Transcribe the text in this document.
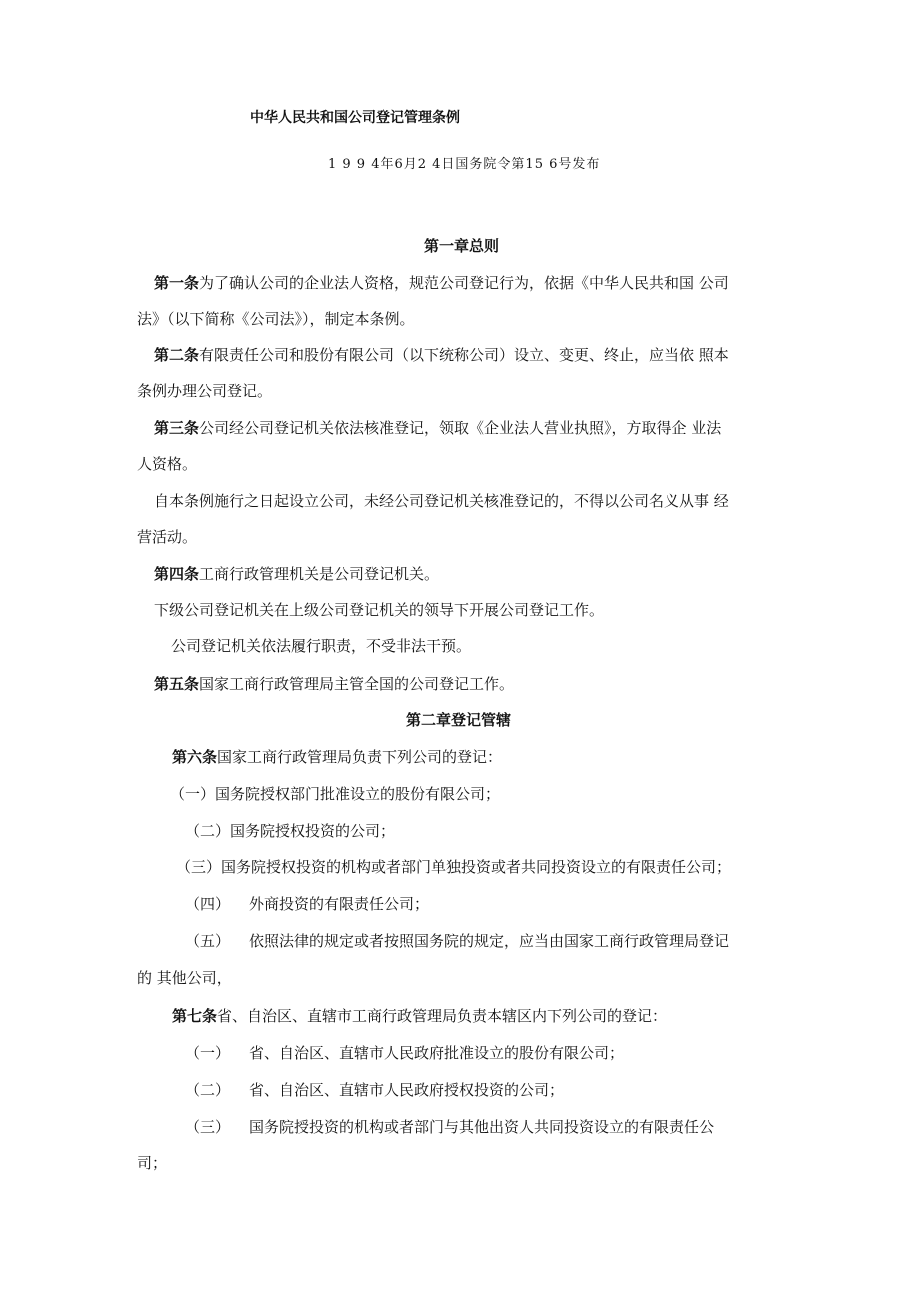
中华人民共和国公司登记管理条例
1 9 9 4年6月2 4日国务院令第15 6号发布
第一章总则
第一条为了确认公司的企业法人资格，规范公司登记行为，依据《中华人民共和国 公司
法》（以下简称《公司法》），制定本条例。
第二条有限责任公司和股份有限公司（以下统称公司）设立、变更、终止，应当依 照本
条例办理公司登记。
第三条公司经公司登记机关依法核准登记，领取《企业法人营业执照》，方取得企 业法
人资格。
自本条例施行之日起设立公司，未经公司登记机关核准登记的，不得以公司名义从事 经
营活动。
第四条工商行政管理机关是公司登记机关。
下级公司登记机关在上级公司登记机关的领导下开展公司登记工作。
公司登记机关依法履行职责，不受非法干预。
第五条国家工商行政管理局主管全国的公司登记工作。
第二章登记管辖
第六条国家工商行政管理局负责下列公司的登记：
（一）国务院授权部门批准设立的股份有限公司；
（二）国务院授权投资的公司；
（三）国务院授权投资的机构或者部门单独投资或者共同投资设立的有限责任公司；
（四） 外商投资的有限责任公司；
（五） 依照法律的规定或者按照国务院的规定，应当由国家工商行政管理局登记
的 其他公司，
第七条省、自治区、直辖市工商行政管理局负责本辖区内下列公司的登记：
（一） 省、自治区、直辖市人民政府批准设立的股份有限公司；
（二） 省、自治区、直辖市人民政府授权投资的公司；
（三） 国务院授投资的机构或者部门与其他出资人共同投资设立的有限责任公
司；
